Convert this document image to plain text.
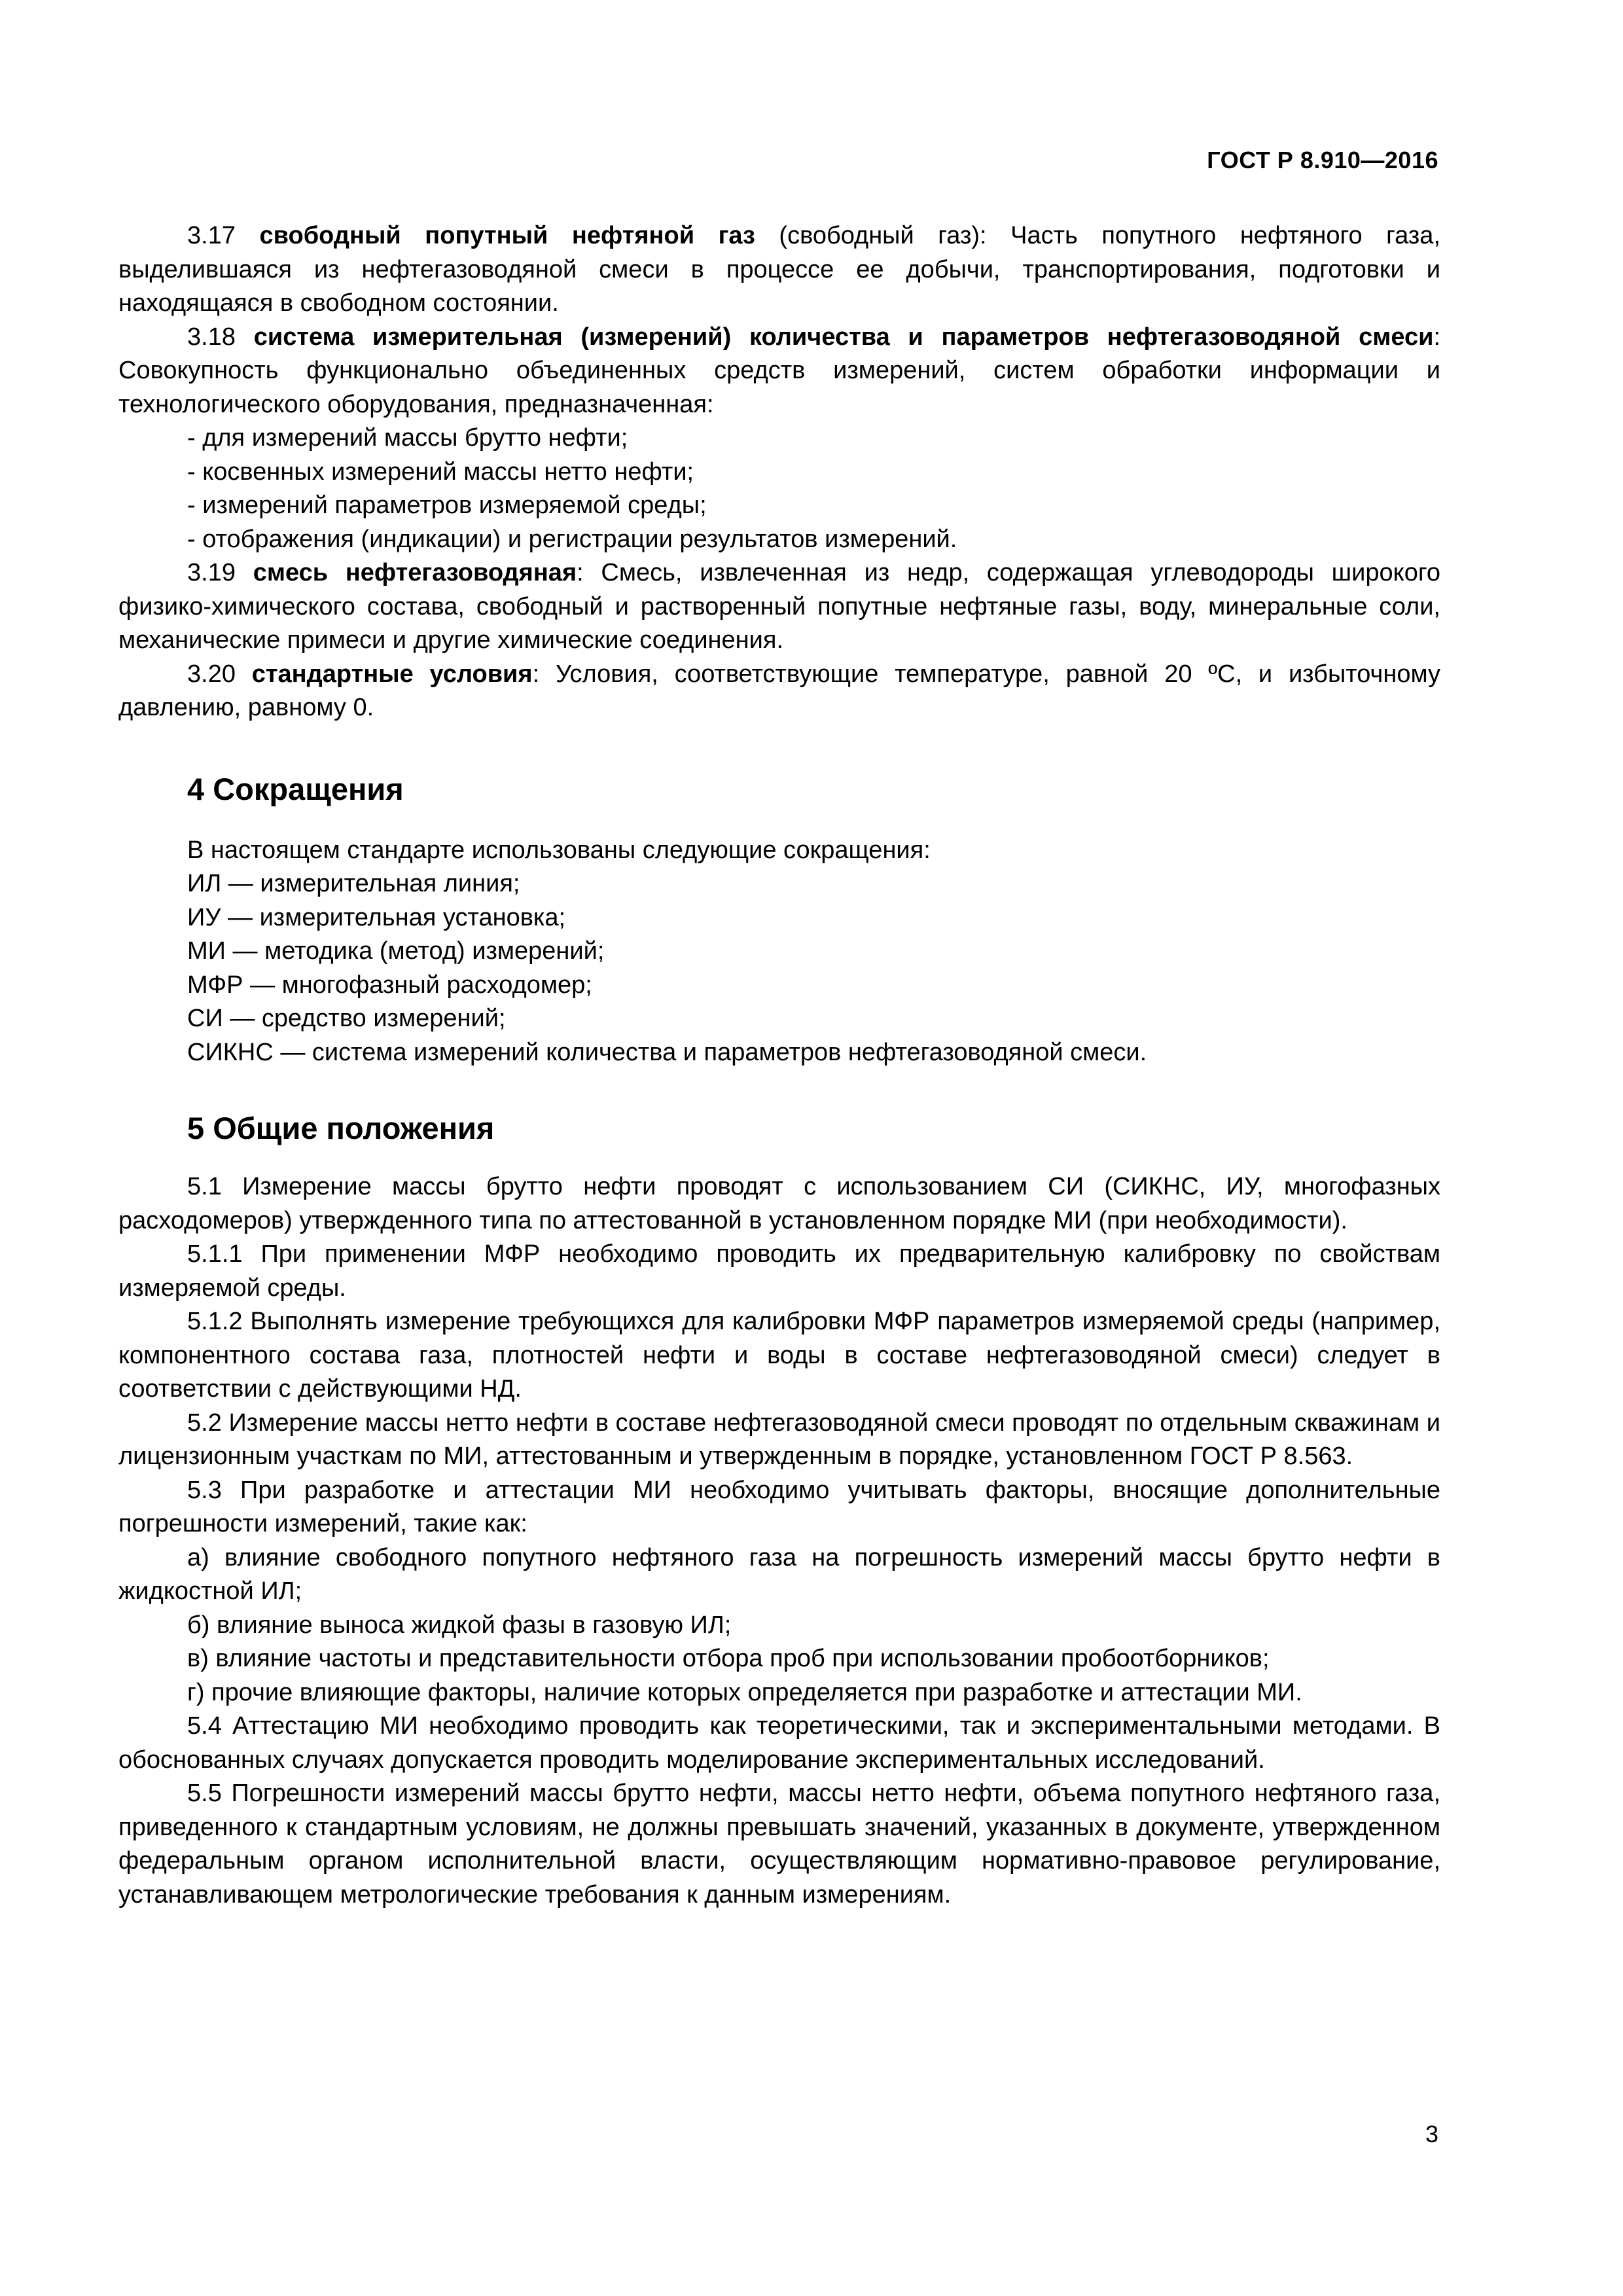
ГОСТ Р 8.910—2016

3.17 свободный попутный нефтяной газ (свободный газ): Часть попутного нефтяного газа, выделившаяся из нефтегазоводяной смеси в процессе ее добычи, транспортирования, подготовки и находящаяся в свободном состоянии.

3.18 система измерительная (измерений) количества и параметров нефтегазоводяной смеси: Совокупность функционально объединенных средств измерений, систем обработки информации и технологического оборудования, предназначенная:

- для измерений массы брутто нефти;

- косвенных измерений массы нетто нефти;

- измерений параметров измеряемой среды;

- отображения (индикации) и регистрации результатов измерений.

3.19 смесь нефтегазоводяная: Смесь, извлеченная из недр, содержащая углеводороды широкого физико-химического состава, свободный и растворенный попутные нефтяные газы, воду, минеральные соли, механические примеси и другие химические соединения.

3.20 стандартные условия: Условия, соответствующие температуре, равной 20 ºС, и избыточному давлению, равному 0.

4 Сокращения

В настоящем стандарте использованы следующие сокращения:

ИЛ — измерительная линия;

ИУ — измерительная установка;

МИ — методика (метод) измерений;

МФР — многофазный расходомер;

СИ — средство измерений;

СИКНС — система измерений количества и параметров нефтегазоводяной смеси.

5 Общие положения

5.1 Измерение массы брутто нефти проводят с использованием СИ (СИКНС, ИУ, многофазных расходомеров) утвержденного типа по аттестованной в установленном порядке МИ (при необходимости).

5.1.1 При применении МФР необходимо проводить их предварительную калибровку по свойствам измеряемой среды.

5.1.2 Выполнять измерение требующихся для калибровки МФР параметров измеряемой среды (например, компонентного состава газа, плотностей нефти и воды в составе нефтегазоводяной смеси) следует в соответствии с действующими НД.

5.2 Измерение массы нетто нефти в составе нефтегазоводяной смеси проводят по отдельным скважинам и лицензионным участкам по МИ, аттестованным и утвержденным в порядке, установленном ГОСТ Р 8.563.

5.3 При разработке и аттестации МИ необходимо учитывать факторы, вносящие дополнительные погрешности измерений, такие как:

а) влияние свободного попутного нефтяного газа на погрешность измерений массы брутто нефти в жидкостной ИЛ;

б) влияние выноса жидкой фазы в газовую ИЛ;

в) влияние частоты и представительности отбора проб при использовании пробоотборников;

г) прочие влияющие факторы, наличие которых определяется при разработке и аттестации МИ.

5.4 Аттестацию МИ необходимо проводить как теоретическими, так и экспериментальными методами. В обоснованных случаях допускается проводить моделирование экспериментальных исследований.

5.5 Погрешности измерений массы брутто нефти, массы нетто нефти, объема попутного нефтяного газа, приведенного к стандартным условиям, не должны превышать значений, указанных в документе, утвержденном федеральным органом исполнительной власти, осуществляющим нормативно-правовое регулирование, устанавливающем метрологические требования к данным измерениям.

3
